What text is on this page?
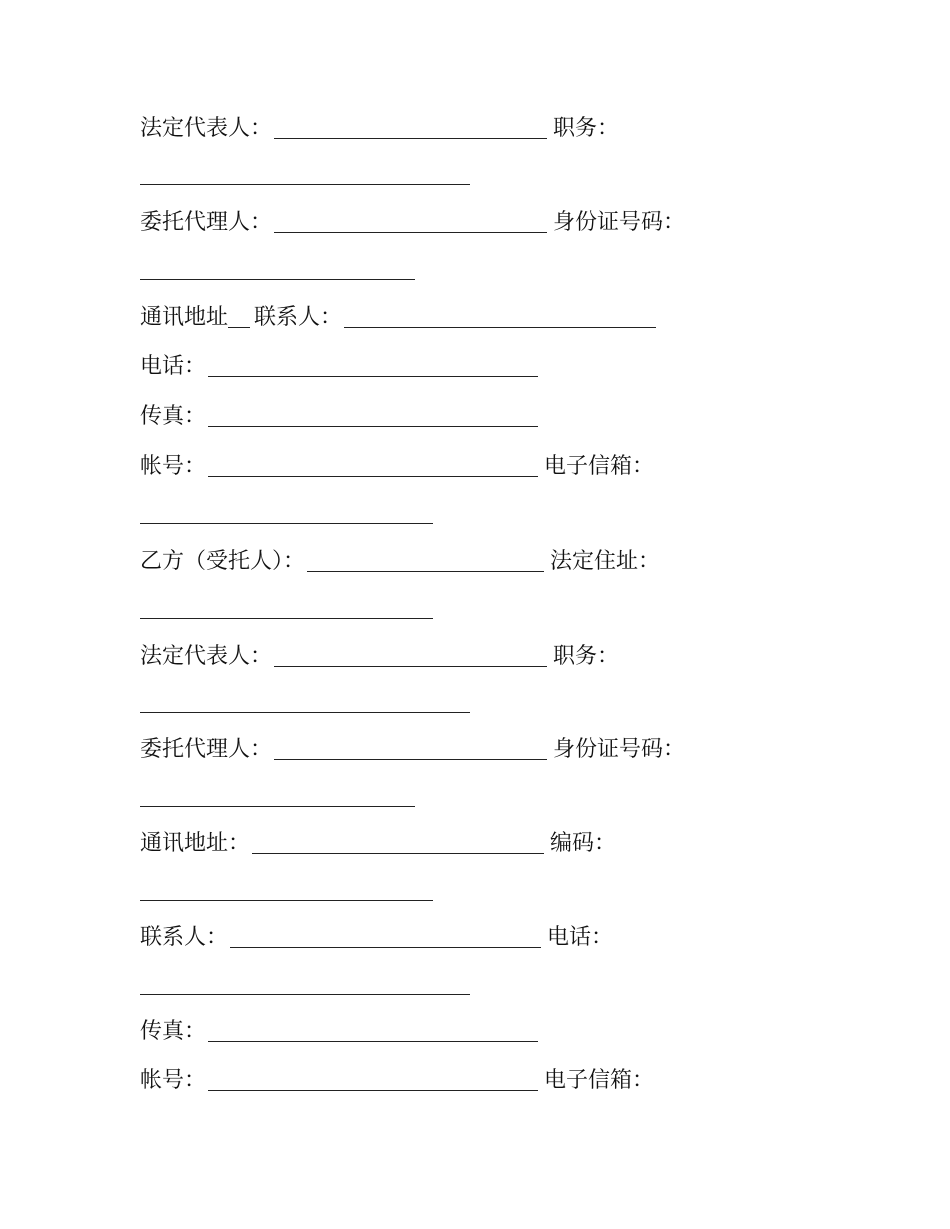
法定代表人：	职务：
委托代理人：	身份证号码：
通讯地址 联系人：
电话：
传真：
帐号：	电子信箱：
乙方（受托人）：	法定住址：
法定代表人：	职务：
委托代理人：	身份证号码：
通讯地址：	编码：
联系人：	电话：
传真：
帐号：	电子信箱：
